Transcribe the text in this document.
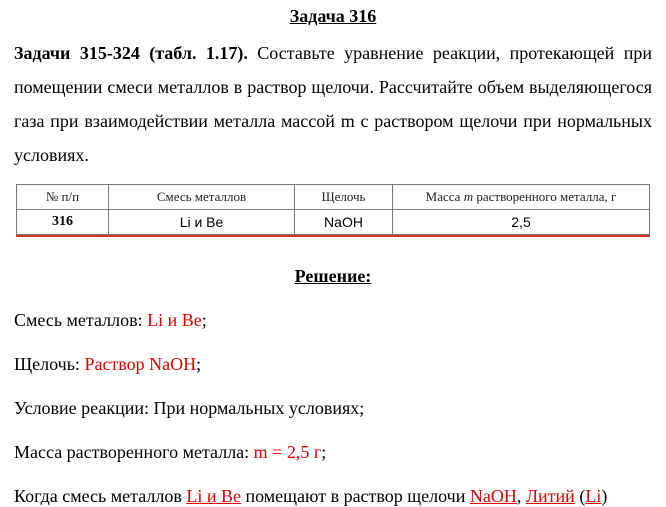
Задача 316
Задачи 315-324 (табл. 1.17). Составьте уравнение реакции, протекающей при помещении смеси металлов в раствор щелочи. Рассчитайте объем выделяющегося газа при взаимодействии металла массой m с раствором щелочи при нормальных условиях.
№ п/п	Смесь металлов	Щелочь	Масса m растворенного металла, г
316	Li и Be	NaOH	2,5
Решение:
Смесь металлов: Li и Be;
Щелочь: Раствор NaOH;
Условие реакции: При нормальных условиях;
Масса растворенного металла: m = 2,5 г;
Когда смесь металлов Li и Be помещают в раствор щелочи NaOH, Литий (Li)
